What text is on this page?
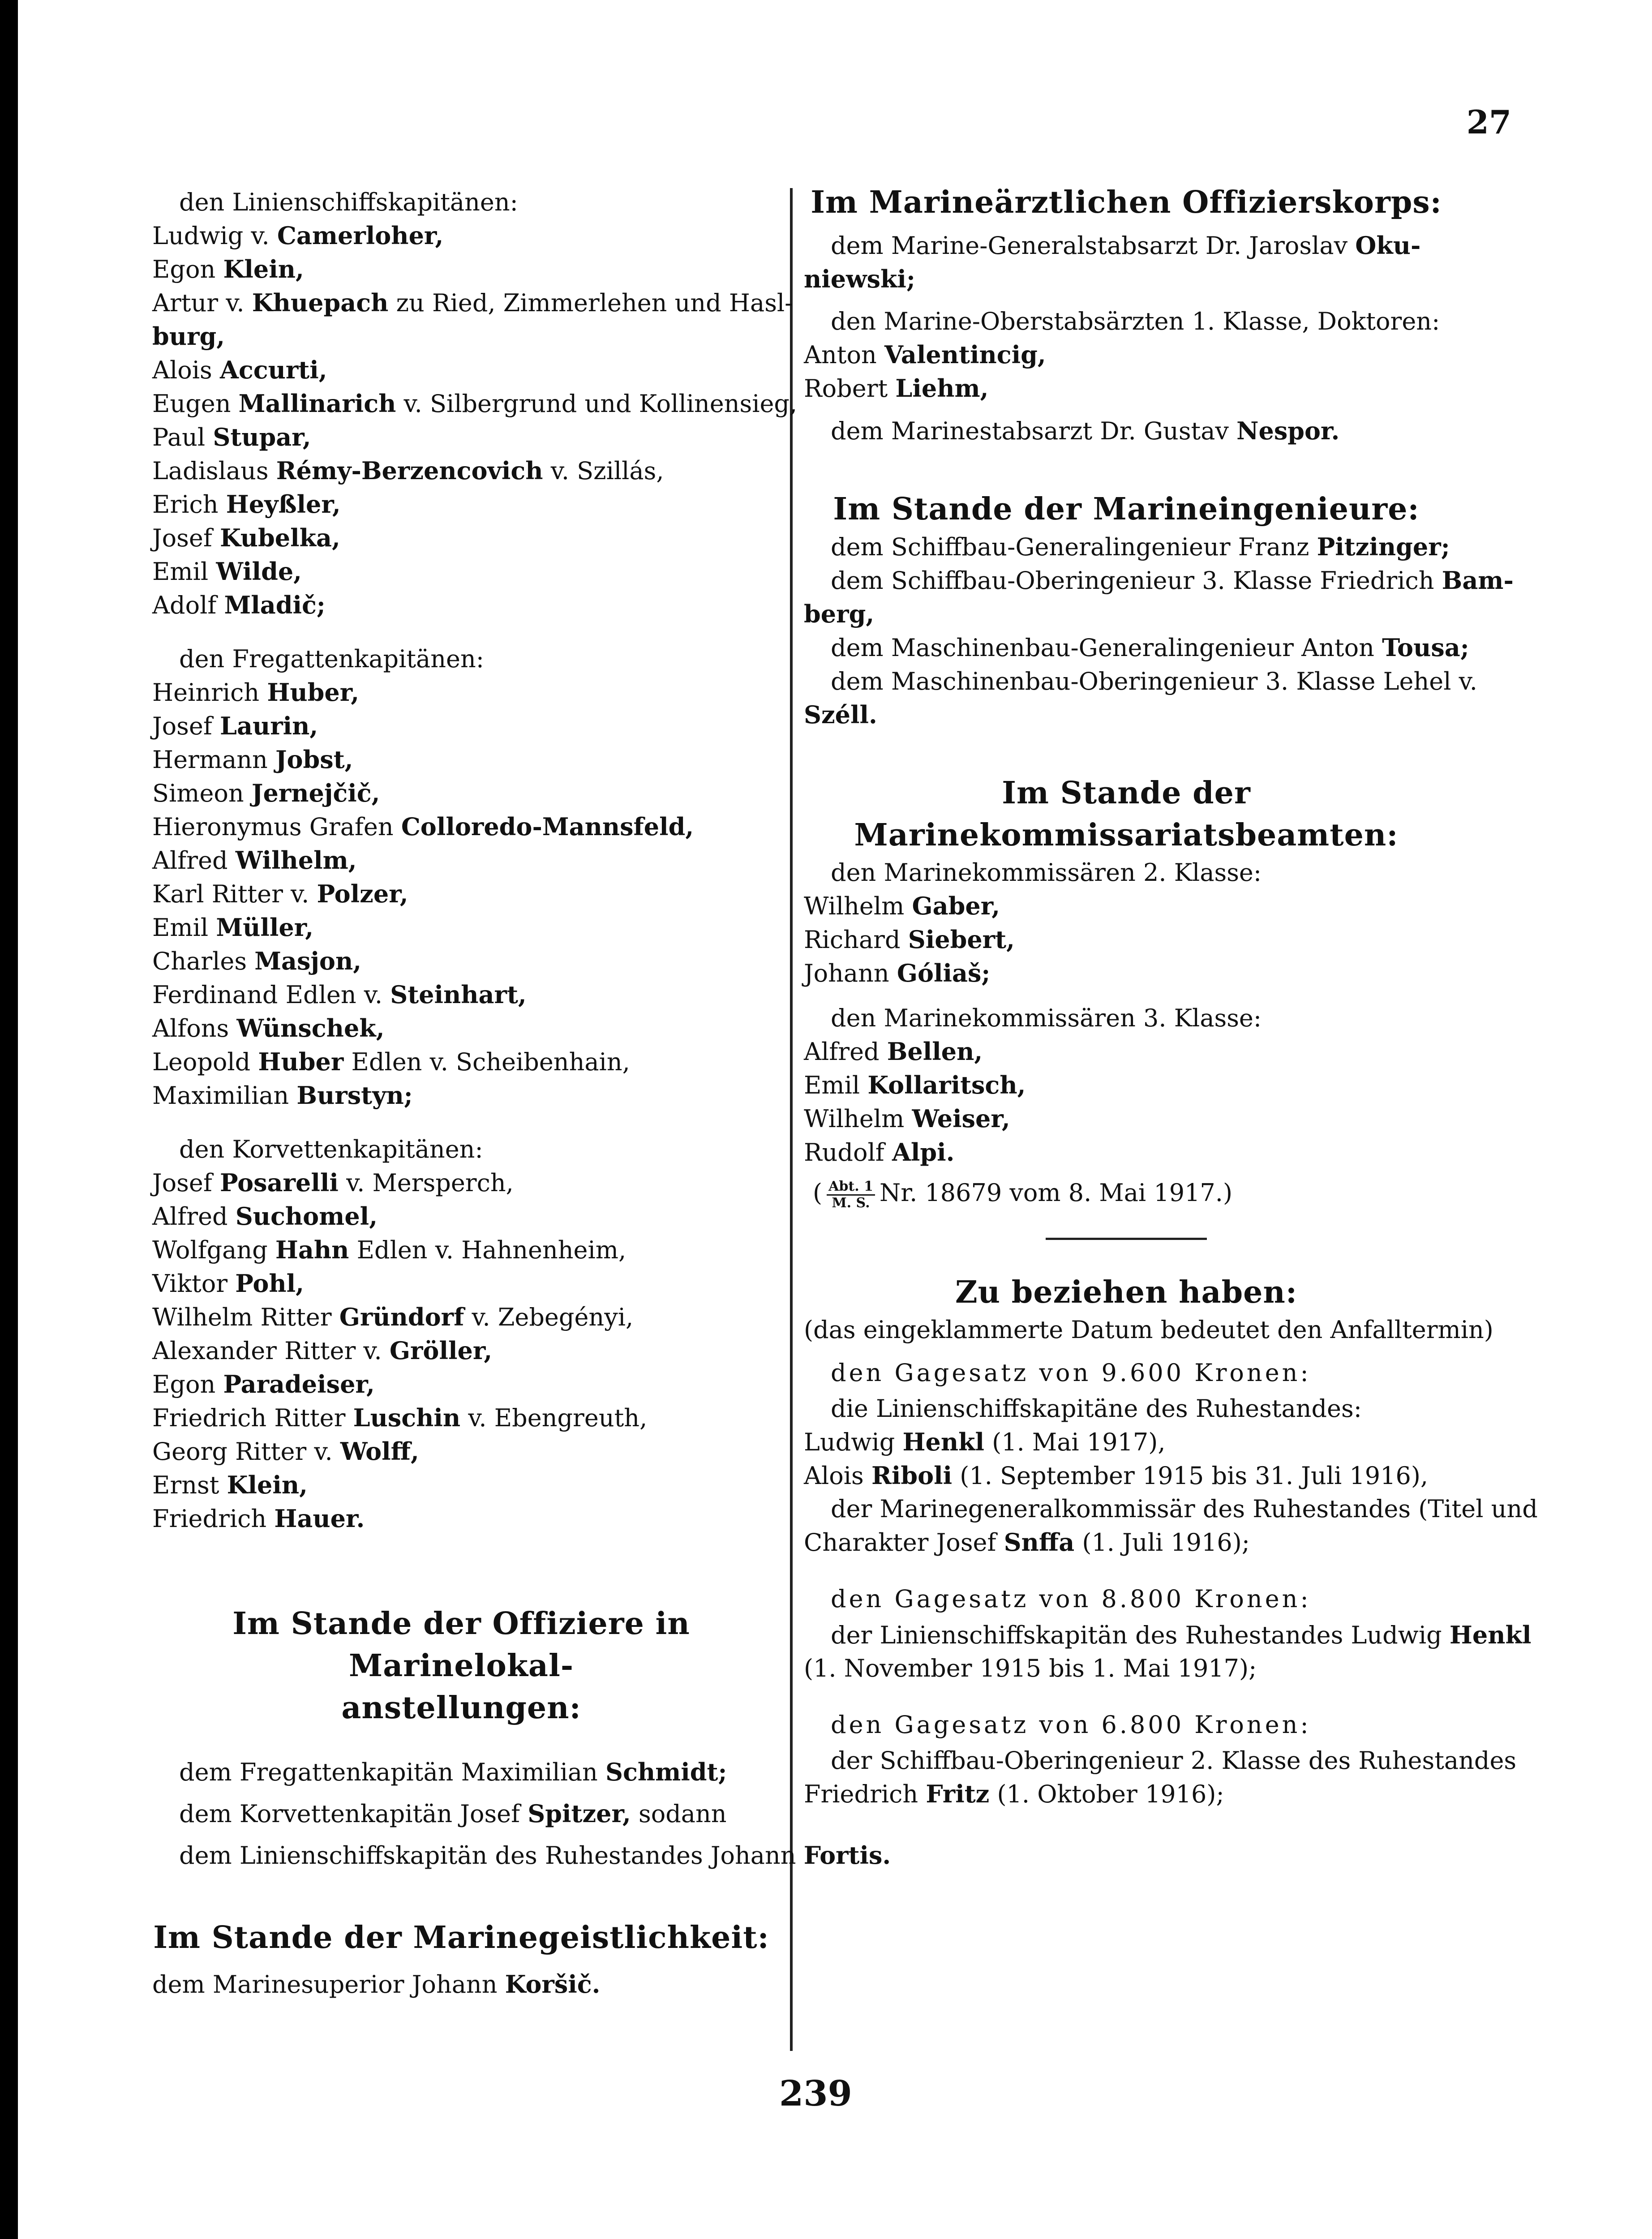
27
den Linienschiffskapitänen:
Ludwig v. Camerloher,
Egon Klein,
Artur v. Khuepach zu Ried, Zimmerlehen und Hasl-
burg,
Alois Accurti,
Eugen Mallinarich v. Silbergrund und Kollinensieg,
Paul Stupar,
Ladislaus Rémy-Berzencovich v. Szillás,
Erich Heyßler,
Josef Kubelka,
Emil Wilde,
Adolf Mladič;
den Fregattenkapitänen:
Heinrich Huber,
Josef Laurin,
Hermann Jobst,
Simeon Jernejčič,
Hieronymus Grafen Colloredo-Mannsfeld,
Alfred Wilhelm,
Karl Ritter v. Polzer,
Emil Müller,
Charles Masjon,
Ferdinand Edlen v. Steinhart,
Alfons Wünschek,
Leopold Huber Edlen v. Scheibenhain,
Maximilian Burstyn;
den Korvettenkapitänen:
Josef Posarelli v. Mersperch,
Alfred Suchomel,
Wolfgang Hahn Edlen v. Hahnenheim,
Viktor Pohl,
Wilhelm Ritter Gründorf v. Zebegényi,
Alexander Ritter v. Gröller,
Egon Paradeiser,
Friedrich Ritter Luschin v. Ebengreuth,
Georg Ritter v. Wolff,
Ernst Klein,
Friedrich Hauer.
Im Stande der Offiziere in Marinelokal-
anstellungen:
dem Fregattenkapitän Maximilian Schmidt;
dem Korvettenkapitän Josef Spitzer, sodann
dem Linienschiffskapitän des Ruhestandes Johann Fortis.
Im Stande der Marinegeistlichkeit:
dem Marinesuperior Johann Koršič.
Im Marineärztlichen Offizierskorps:
dem Marine-Generalstabsarzt Dr. Jaroslav Oku-
niewski;
den Marine-Oberstabsärzten 1. Klasse, Doktoren:
Anton Valentincig,
Robert Liehm,
dem Marinestabsarzt Dr. Gustav Nespor.
Im Stande der Marineingenieure:
dem Schiffbau-Generalingenieur Franz Pitzinger;
dem Schiffbau-Oberingenieur 3. Klasse Friedrich Bam-
berg,
dem Maschinenbau-Generalingenieur Anton Tousa;
dem Maschinenbau-Oberingenieur 3. Klasse Lehel v.
Széll.
Im Stande der Marinekommissariatsbeamten:
den Marinekommissären 2. Klasse:
Wilhelm Gaber,
Richard Siebert,
Johann Góliaš;
den Marinekommissären 3. Klasse:
Alfred Bellen,
Emil Kollaritsch,
Wilhelm Weiser,
Rudolf Alpi.
( $\frac{\text{Abt. 1}}{M. S.} Nr$. 18679 vom 8. Mai 1917.)
Zu beziehen haben:
(das eingeklammerte Datum bedeutet den Anfalltermin)
den Gagesatz von 9.600 Kronen:
die Linienschiffskapitäne des Ruhestandes:
Ludwig Henkl (1. Mai 1917),
Alois Riboli (1. September 1915 bis 31. Juli 1916),
der Marinegeneralkommissär des Ruhestandes (Titel und
Charakter Josef Snffa (1. Juli 1916);
den Gagesatz von 8.800 Kronen:
der Linienschiffskapitän des Ruhestandes Ludwig Henkl
(1. November 1915 bis 1. Mai 1917);
den Gagesatz von 6.800 Kronen:
der Schiffbau-Oberingenieur 2. Klasse des Ruhestandes
Friedrich Fritz (1. Oktober 1916);
239
